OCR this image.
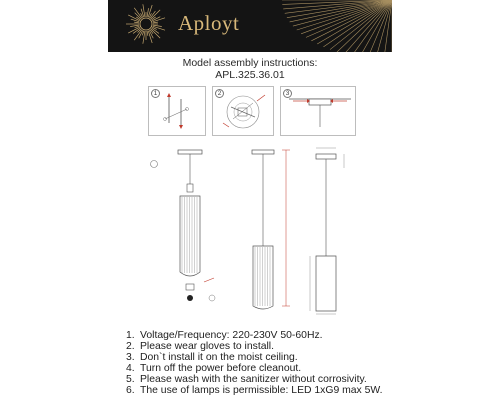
Aployt
Model assembly instructions:
APL.325.36.01
1	2	3
1. Voltage/Frequency: 220-230V 50-60Hz.
2. Please wear gloves to install.
3. Don`t install it on the moist ceiling.
4. Turn off the power before cleanout.
5. Please wash with the sanitizer without corrosivity.
6. The use of lamps is permissible: LED 1xG9 max 5W.
